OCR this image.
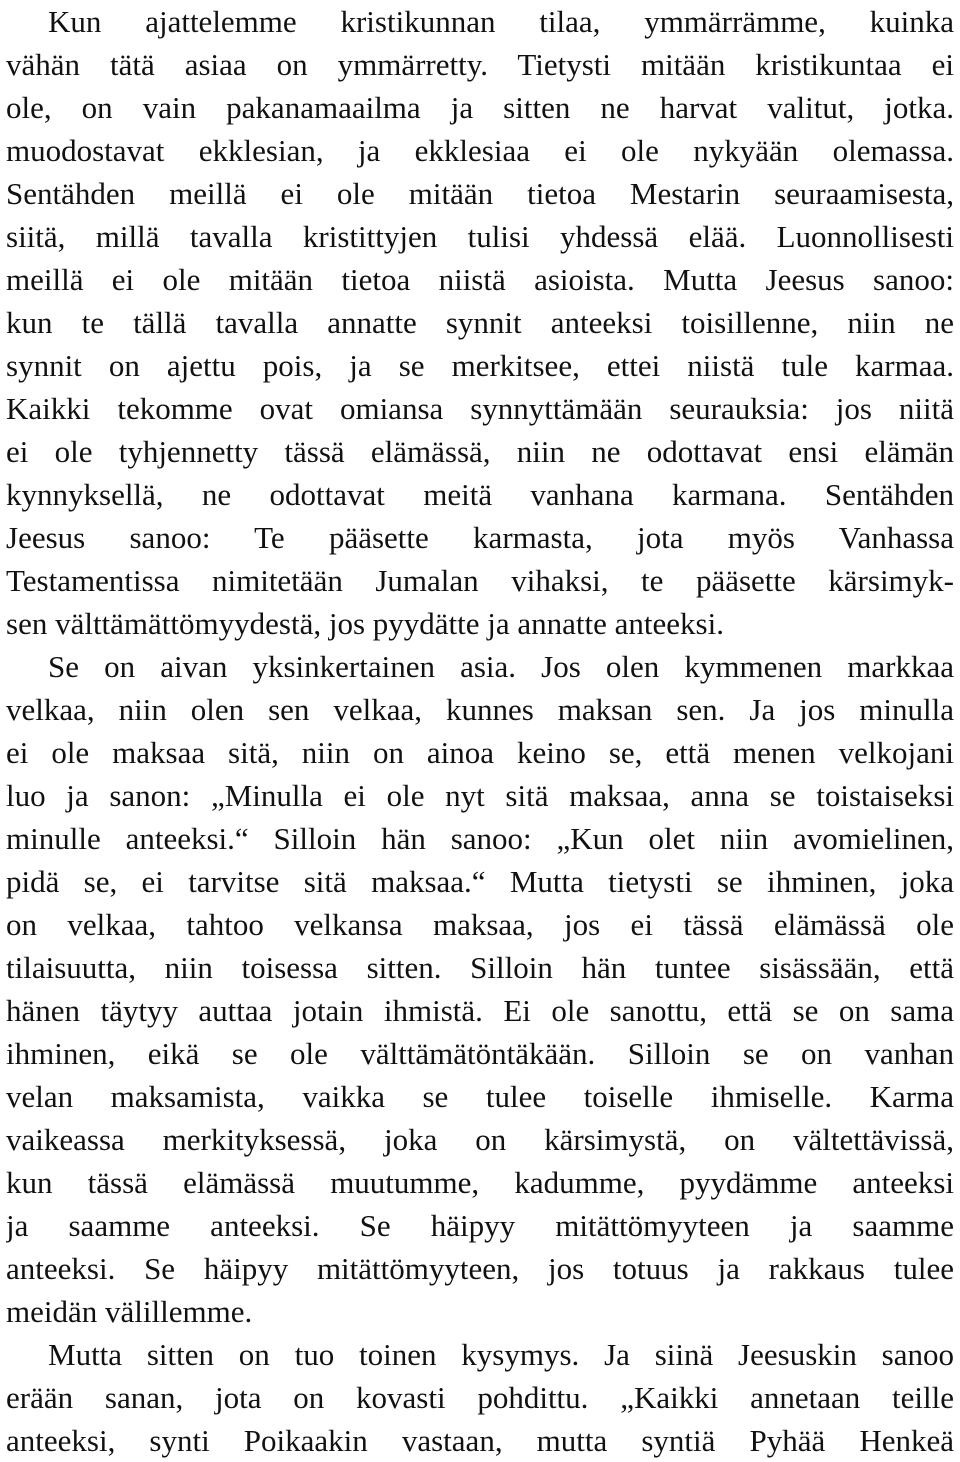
Kun ajattelemme kristikunnan tilaa, ymmärrämme, kuinka
vähän tätä asiaa on ymmärretty. Tietysti mitään kristikuntaa ei
ole, on vain pakanamaailma ja sitten ne harvat valitut, jotka.
muodostavat ekklesian, ja ekklesiaa ei ole nykyään olemassa.
Sentähden meillä ei ole mitään tietoa Mestarin seuraamisesta,
siitä, millä tavalla kristittyjen tulisi yhdessä elää. Luonnollisesti
meillä ei ole mitään tietoa niistä asioista. Mutta Jeesus sanoo:
kun te tällä tavalla annatte synnit anteeksi toisillenne, niin ne
synnit on ajettu pois, ja se merkitsee, ettei niistä tule karmaa.
Kaikki tekomme ovat omiansa synnyttämään seurauksia: jos niitä
ei ole tyhjennetty tässä elämässä, niin ne odottavat ensi elämän
kynnyksellä, ne odottavat meitä vanhana karmana. Sentähden
Jeesus sanoo: Te pääsette karmasta, jota myös Vanhassa
Testamentissa nimitetään Jumalan vihaksi, te pääsette kärsimyk-
sen välttämättömyydestä, jos pyydätte ja annatte anteeksi.
Se on aivan yksinkertainen asia. Jos olen kymmenen markkaa
velkaa, niin olen sen velkaa, kunnes maksan sen. Ja jos minulla
ei ole maksaa sitä, niin on ainoa keino se, että menen velkojani
luo ja sanon: „Minulla ei ole nyt sitä maksaa, anna se toistaiseksi
minulle anteeksi.“ Silloin hän sanoo: „Kun olet niin avomielinen,
pidä se, ei tarvitse sitä maksaa.“ Mutta tietysti se ihminen, joka
on velkaa, tahtoo velkansa maksaa, jos ei tässä elämässä ole
tilaisuutta, niin toisessa sitten. Silloin hän tuntee sisässään, että
hänen täytyy auttaa jotain ihmistä. Ei ole sanottu, että se on sama
ihminen, eikä se ole välttämätöntäkään. Silloin se on vanhan
velan maksamista, vaikka se tulee toiselle ihmiselle. Karma
vaikeassa merkityksessä, joka on kärsimystä, on vältettävissä,
kun tässä elämässä muutumme, kadumme, pyydämme anteeksi
ja saamme anteeksi. Se häipyy mitättömyyteen ja saamme
anteeksi. Se häipyy mitättömyyteen, jos totuus ja rakkaus tulee
meidän välillemme.
Mutta sitten on tuo toinen kysymys. Ja siinä Jeesuskin sanoo
erään sanan, jota on kovasti pohdittu. „Kaikki annetaan teille
anteeksi, synti Poikaakin vastaan, mutta syntiä Pyhää Henkeä
